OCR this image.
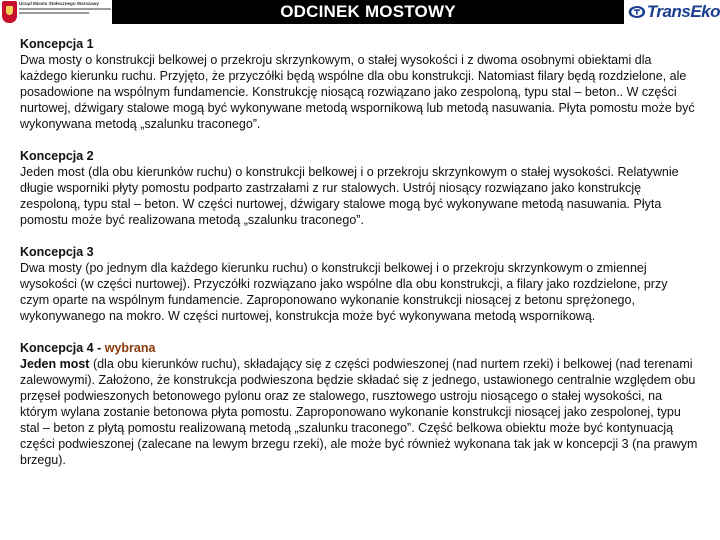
Urząd Miasta Stołecznego Warszawy	ODCINEK MOSTOWY	TransEko
Koncepcja 1
Dwa mosty o konstrukcji belkowej o przekroju skrzynkowym, o stałej wysokości i z dwoma osobnymi obiektami dla każdego kierunku ruchu. Przyjęto, że przyczółki będą wspólne dla obu konstrukcji. Natomiast filary będą rozdzielone, ale posadowione na wspólnym fundamencie. Konstrukcję niosącą rozwiązano jako zespoloną, typu stal – beton.. W części nurtowej, dźwigary stalowe mogą być wykonywane metodą wspornikową lub metodą nasuwania. Płyta pomostu może być wykonywana metodą „szalunku traconego”.
Koncepcja 2
Jeden most (dla obu kierunków ruchu) o konstrukcji belkowej i o przekroju skrzynkowym o stałej wysokości. Relatywnie długie wsporniki płyty pomostu podparto zastrzałami z rur stalowych. Ustrój niosący rozwiązano jako konstrukcję zespoloną, typu stal – beton. W części nurtowej, dźwigary stalowe mogą być wykonywane metodą nasuwania. Płyta pomostu może być realizowana metodą „szalunku traconego”.
Koncepcja 3
Dwa mosty (po jednym dla każdego kierunku ruchu) o konstrukcji belkowej i o przekroju skrzynkowym o zmiennej wysokości (w części nurtowej). Przyczółki rozwiązano jako wspólne dla obu konstrukcji, a filary jako rozdzielone, przy czym oparte na wspólnym fundamencie. Zaproponowano wykonanie konstrukcji niosącej z betonu sprężonego, wykonywanego na mokro. W części nurtowej, konstrukcja może być wykonywana metodą wspornikową.
Koncepcja 4 - wybrana
Jeden most (dla obu kierunków ruchu), składający się z części podwieszonej (nad nurtem rzeki) i belkowej (nad terenami zalewowymi). Założono, że konstrukcja podwieszona będzie składać się z jednego, ustawionego centralnie względem obu przęseł podwieszonych betonowego pylonu oraz ze stalowego, rusztowego ustroju niosącego o stałej wysokości, na którym wylana zostanie betonowa płyta pomostu. Zaproponowano wykonanie konstrukcji niosącej jako zespolonej, typu stal – beton z płytą pomostu realizowaną metodą „szalunku traconego”. Część belkowa obiektu może być kontynuacją części podwieszonej (zalecane na lewym brzegu rzeki), ale może być również wykonana tak jak w koncepcji 3 (na prawym brzegu).
